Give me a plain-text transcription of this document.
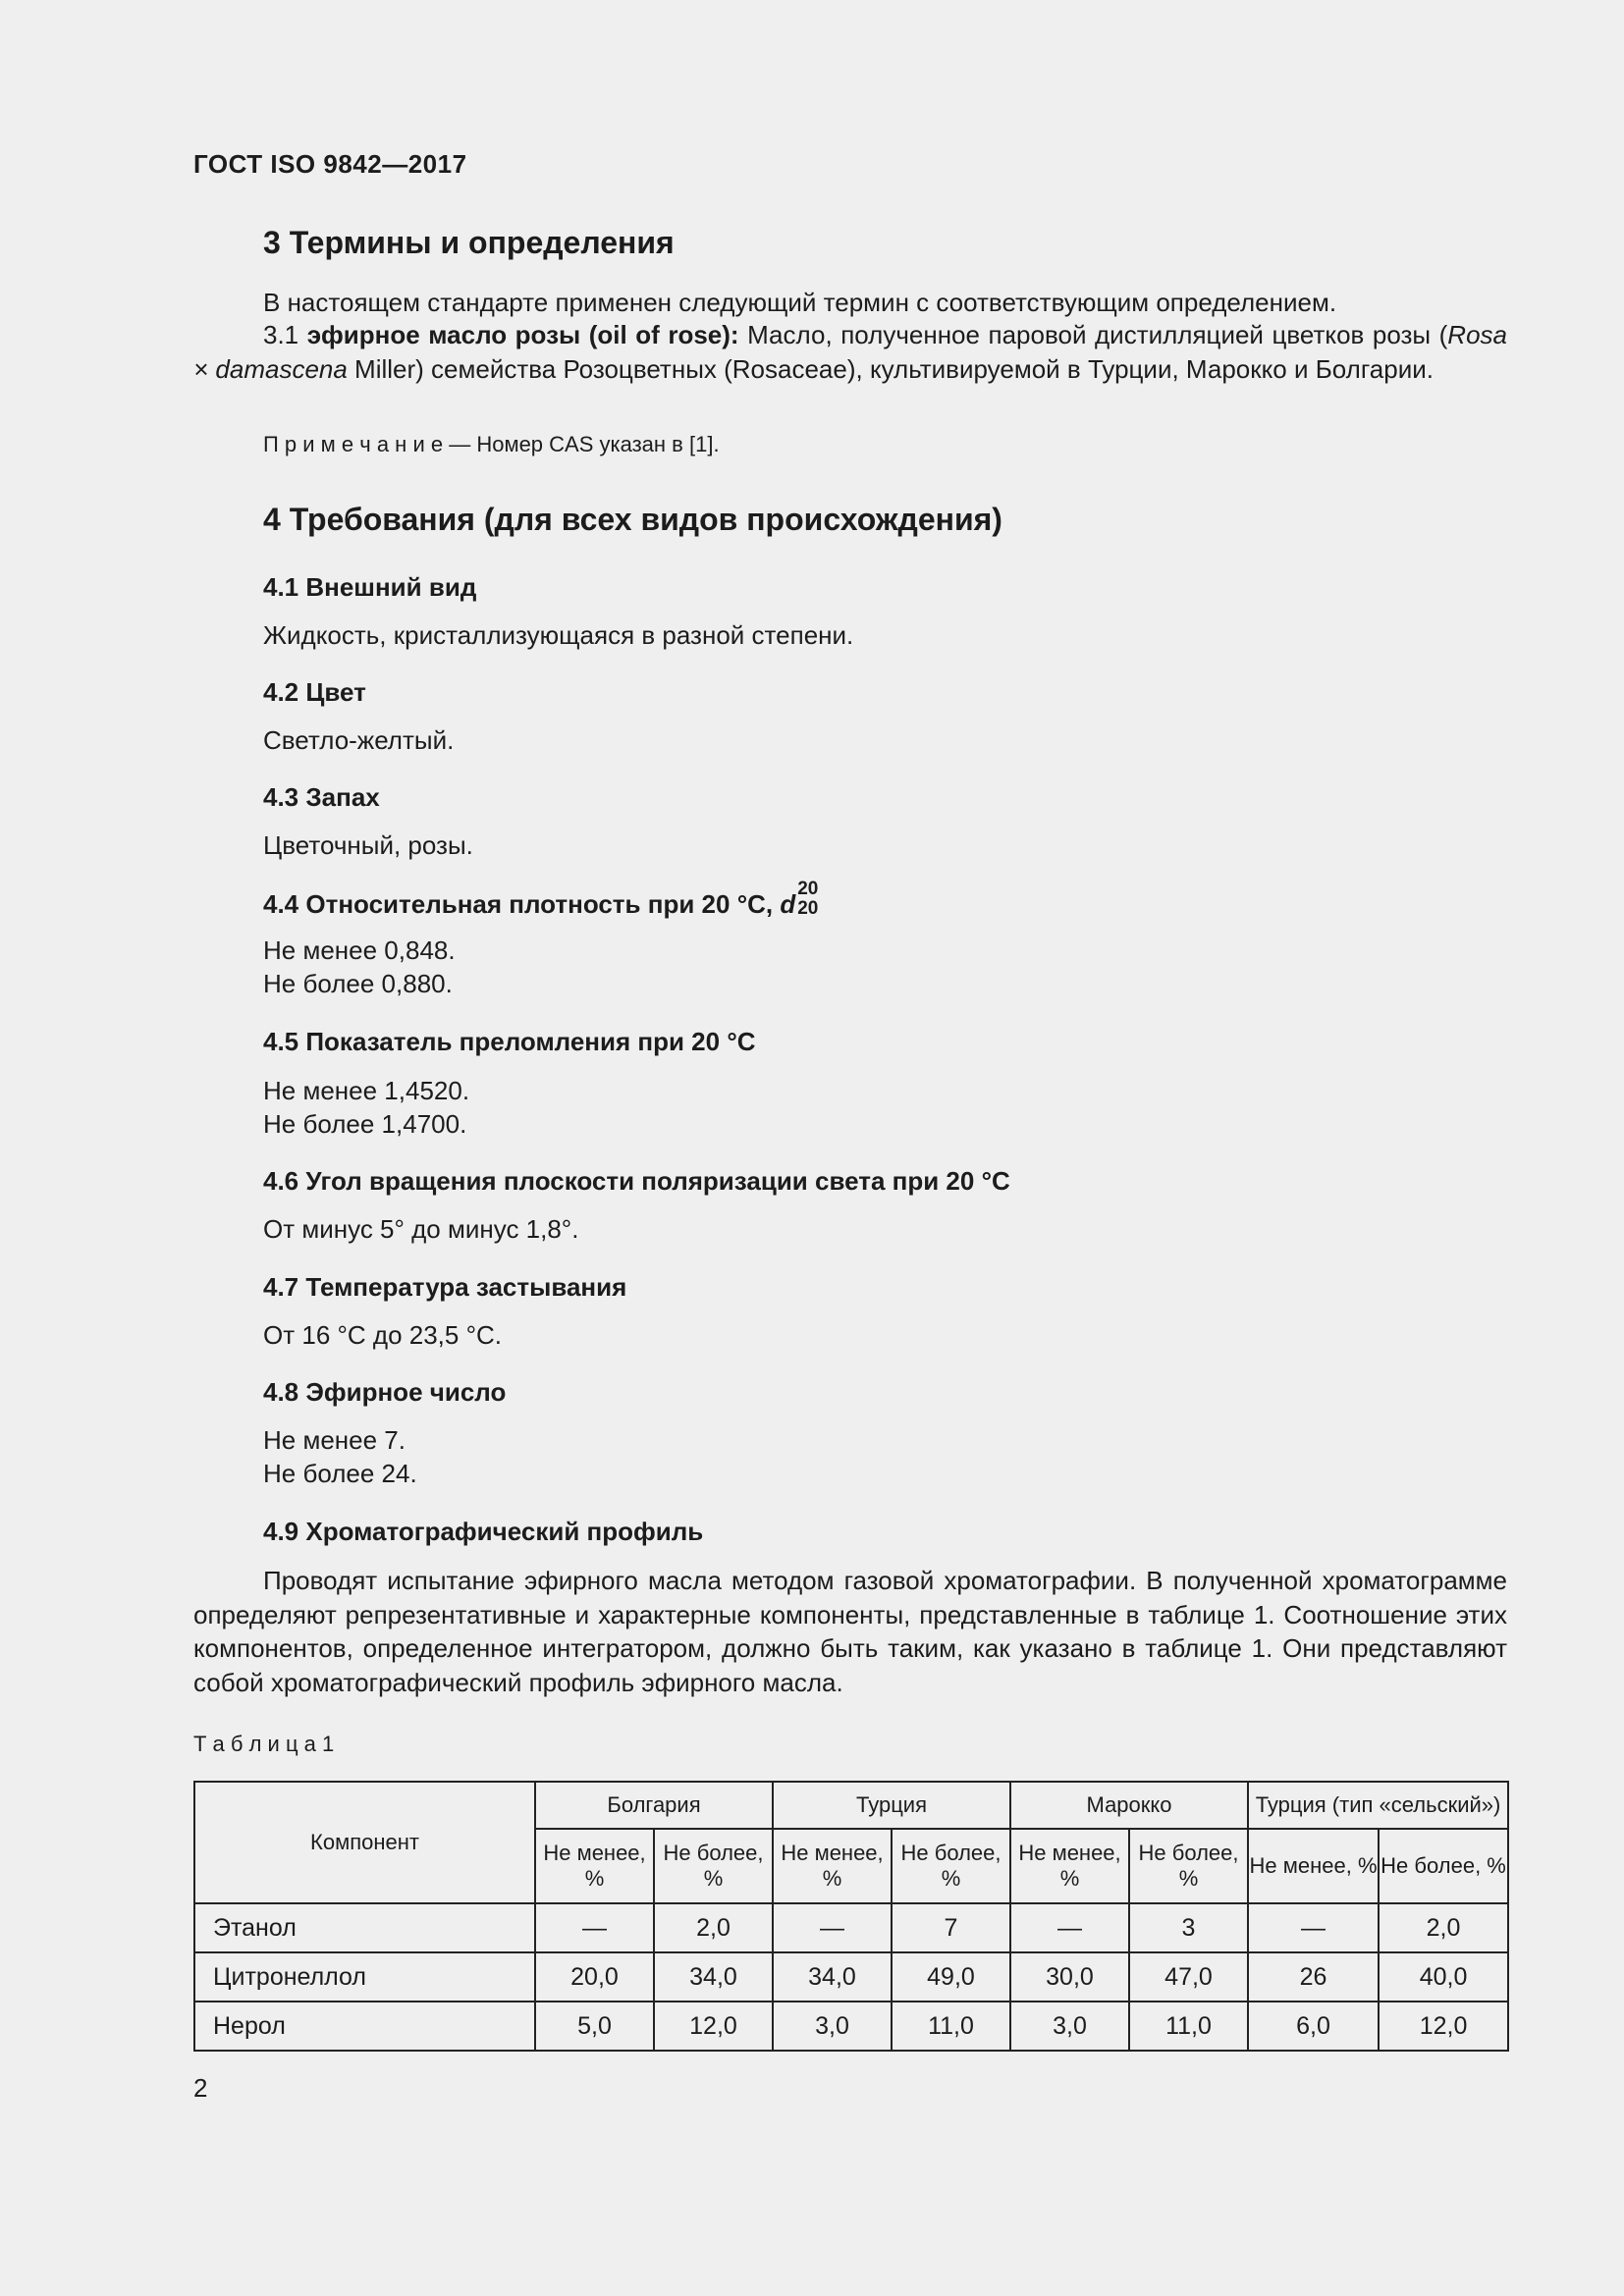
ГОСТ ISO 9842—2017
3 Термины и определения
В настоящем стандарте применен следующий термин с соответствующим определением.
3.1 эфирное масло розы (oil of rose): Масло, полученное паровой дистилляцией цветков розы (Rosa × damascena Miller) семейства Розоцветных (Rosaceae), культивируемой в Турции, Марокко и Болгарии.
П р и м е ч а н и е — Номер CAS указан в [1].
4 Требования (для всех видов происхождения)
4.1 Внешний вид
Жидкость, кристаллизующаяся в разной степени.
4.2 Цвет
Светло-желтый.
4.3 Запах
Цветочный, розы.
4.4 Относительная плотность при 20 °C, d
20
20
Не менее 0,848.
Не более 0,880.
4.5 Показатель преломления при 20 °C
Не менее 1,4520.
Не более 1,4700.
4.6 Угол вращения плоскости поляризации света при 20 °C
От минус 5° до минус 1,8°.
4.7 Температура застывания
От 16 °C до 23,5 °C.
4.8 Эфирное число
Не менее 7.
Не более 24.
4.9 Хроматографический профиль
Проводят испытание эфирного масла методом газовой хроматографии. В полученной хроматограмме определяют репрезентативные и характерные компоненты, представленные в таблице 1. Соотношение этих компонентов, определенное интегратором, должно быть таким, как указано в таблице 1. Они представляют собой хроматографический профиль эфирного масла.
Т а б л и ц а 1
Компонент	Болгария		Турция		Марокко		Турция (тип «сельский»)	
	Не менее, %	Не более, %	Не менее, %	Не более, %	Не менее, %	Не более, %	Не менее, %	Не более, %
Этанол	—	2,0	—	7	—	3	—	2,0
Цитронеллол	20,0	34,0	34,0	49,0	30,0	47,0	26	40,0
Нерол	5,0	12,0	3,0	11,0	3,0	11,0	6,0	12,0
2
